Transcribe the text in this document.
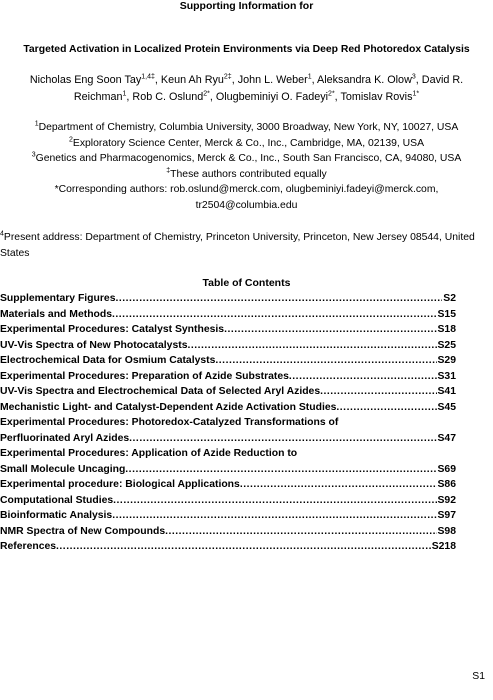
Supporting Information for
Targeted Activation in Localized Protein Environments via Deep Red Photoredox Catalysis
Nicholas Eng Soon Tay$^{1,4\ddagger}$, Keun Ah Ryu$^{2\ddagger}$, John L. Weber$^1$, Aleksandra K. Olow$^3$, David R. Reichman$^1$, Rob C. Oslund$^{2*}$, Olugbeminiyi O. Fadeyi$^{2*}$, Tomislav Rovis$^{1*}$
$^1$Department of Chemistry, Columbia University, 3000 Broadway, New York, NY, 10027, USA
$^2$Exploratory Science Center, Merck & Co., Inc., Cambridge, MA, 02139, USA
$^3$Genetics and Pharmacogenomics, Merck & Co., Inc., South San Francisco, CA, 94080, USA
‡These authors contributed equally
*Corresponding authors: rob.oslund@merck.com, olugbeminiyi.fadeyi@merck.com,
tr2504@columbia.edu
$^4$Present address: Department of Chemistry, Princeton University, Princeton, New Jersey 08544, United States
Table of Contents
Supplementary Figures .....	S2
Materials and Methods .....	S15
Experimental Procedures: Catalyst Synthesis .....	S18
UV-Vis Spectra of New Photocatalysts .....	S25
Electrochemical Data for Osmium Catalysts .....	S29
Experimental Procedures: Preparation of Azide Substrates .....	S31
UV-Vis Spectra and Electrochemical Data of Selected Aryl Azides .....	S41
Mechanistic Light- and Catalyst-Dependent Azide Activation Studies .....	S45
Experimental Procedures: Photoredox-Catalyzed Transformations of
Perfluorinated Aryl Azides .....	S47
Experimental Procedures: Application of Azide Reduction to
Small Molecule Uncaging .....	S69
Experimental procedure: Biological Applications .....	S86
Computational Studies .....	S92
Bioinformatic Analysis .....	S97
NMR Spectra of New Compounds .....	S98
References .....	S218
S1
